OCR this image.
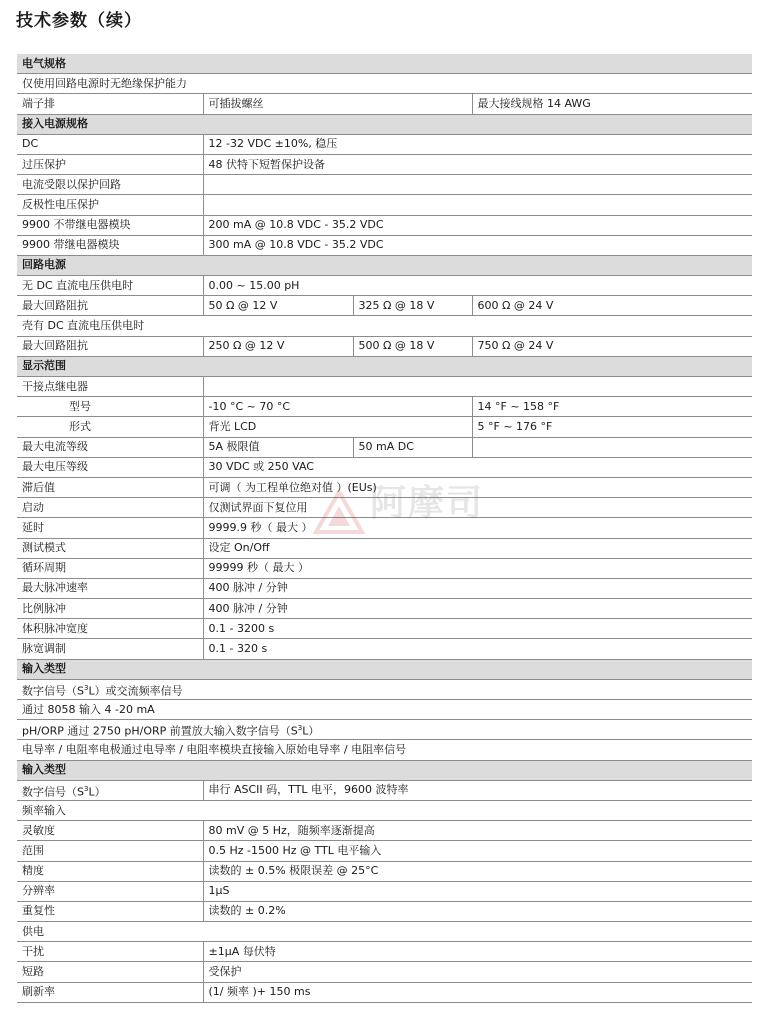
技术参数（续）
电气规格			
仅使用回路电源时无绝缘保护能力			
端子排	可插拔螺丝		最大接线规格 14 AWG
接入电源规格			
DC	12 -32 VDC ±10%, 稳压		
过压保护	48 伏特下短暂保护设备		
电流受限以保护回路			
反极性电压保护			
9900 不带继电器模块	200 mA @ 10.8 VDC - 35.2 VDC		
9900 带继电器模块	300 mA @ 10.8 VDC - 35.2 VDC		
回路电源			
无 DC 直流电压供电时	0.00 ~ 15.00 pH		
最大回路阻抗	50 Ω @ 12 V	325 Ω @ 18 V	600 Ω @ 24 V
壳有 DC 直流电压供电时			
最大回路阻抗	250 Ω @ 12 V	500 Ω @ 18 V	750 Ω @ 24 V
显示范围			
干接点继电器			
型号	-10 °C ~ 70 °C		14 °F ~ 158 °F
形式	背光 LCD		5 °F ~ 176 °F
最大电流等级	5A 极限值	50 mA DC	
最大电压等级	30 VDC 或 250 VAC		
滞后值	可调（ 为工程单位绝对值 ）(EUs)		
启动	仅测试界面下复位用		
延时	9999.9 秒（ 最大 ）		
测试模式	设定 On/Off		
循环周期	99999 秒（ 最大 ）		
最大脉冲速率	400 脉冲 / 分钟		
比例脉冲	400 脉冲 / 分钟		
体积脉冲宽度	0.1 - 3200 s		
脉宽调制	0.1 - 320 s		
输入类型			
数字信号$(S^3L)$或交流频率信号			
通过 8058 输入 4 -20 mA			
pH/ORP 通过 2750 pH/ORP 前置放大输入数字信号$(S^3L)$			
电导率 / 电阻率电极通过电导率 / 电阻率模块直接输入原始电导率 / 电阻率信号			
输入类型			
数字信号$(S^3L)$	串行 ASCII 码，TTL 电平，9600 波特率		
频率输入			
灵敏度	80 mV @ 5 Hz，随频率逐渐提高		
范围	0.5 Hz -1500 Hz @ TTL 电平输入		
精度	读数的 ± 0.5% 极限误差 @ 25°C		
分辨率	1μS		
重复性	读数的 ± 0.2%		
供电			
干扰	±1μA 每伏特		
短路	受保护		
刷新率	(1/ 频率 )+ 150 ms		
阿摩司
